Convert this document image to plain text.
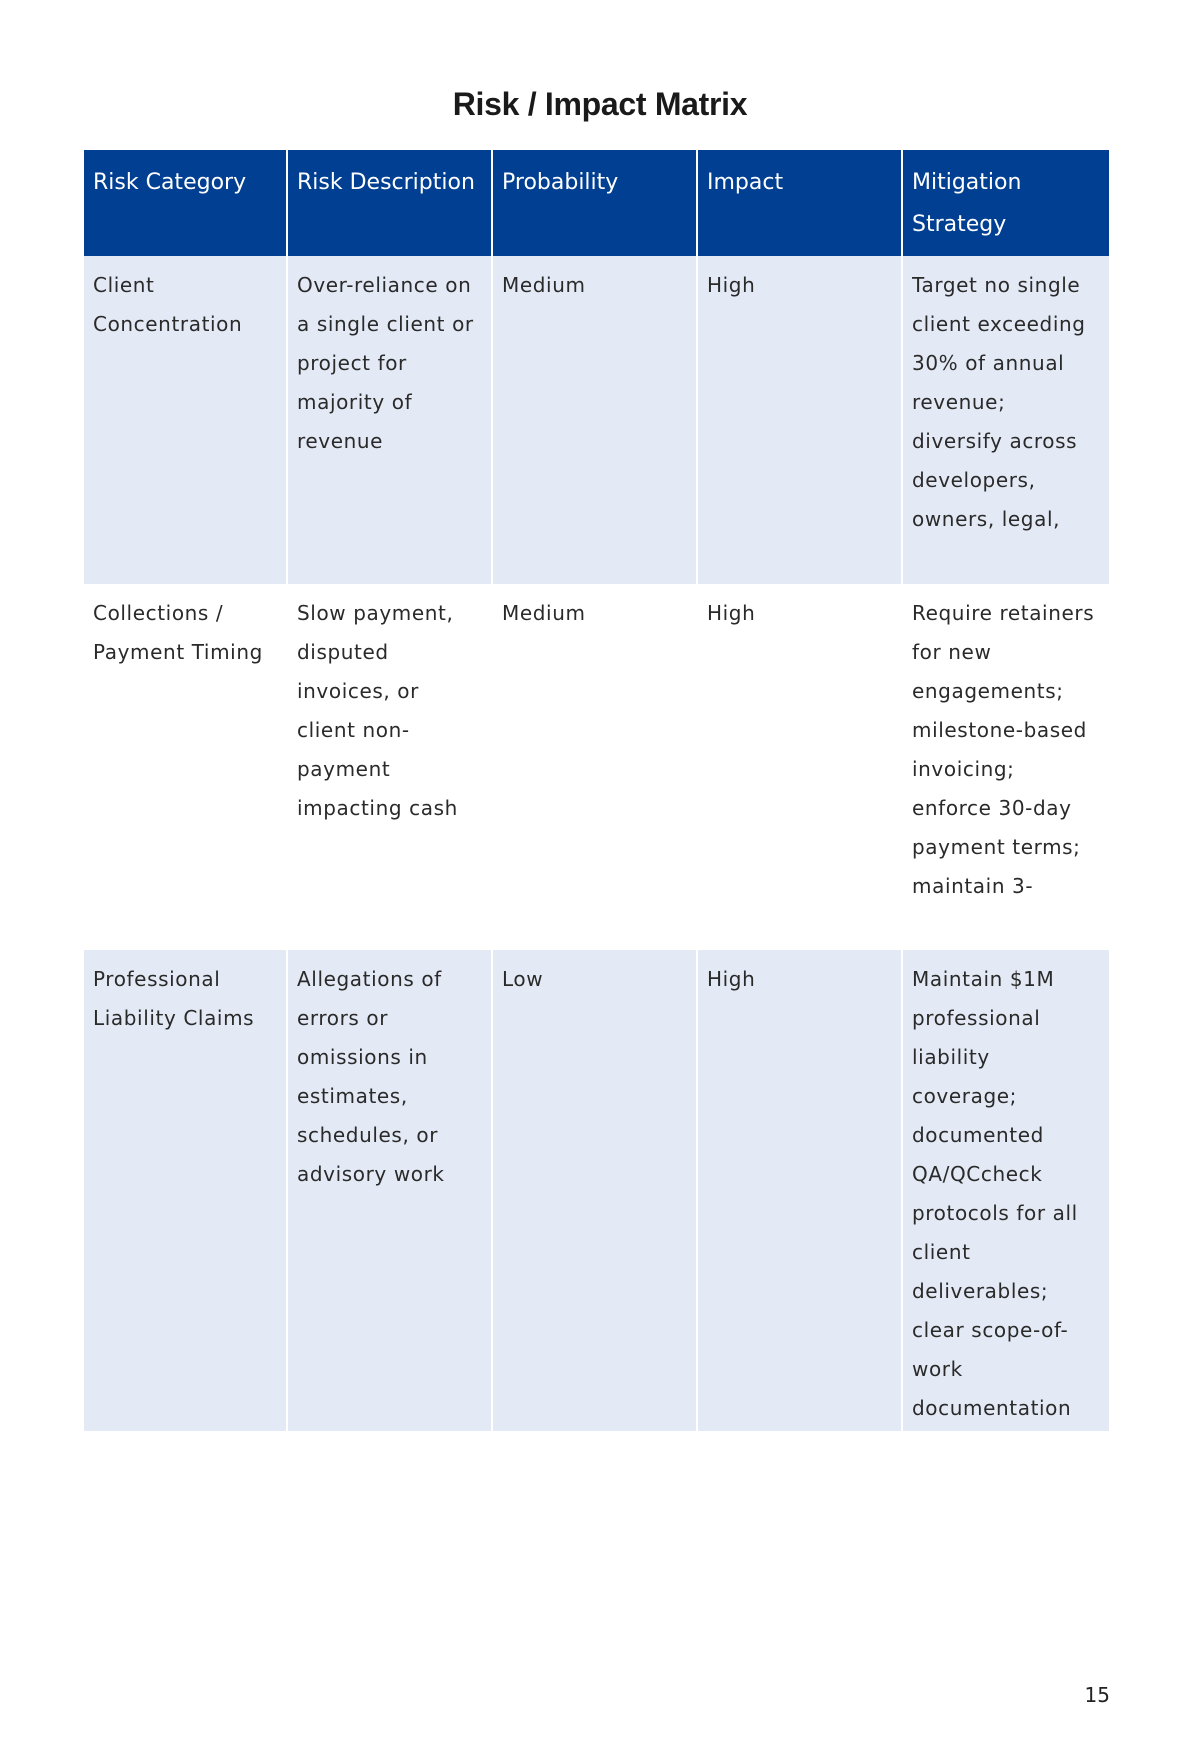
Risk / Impact Matrix
Risk Category	Risk Description	Probability	Impact	Mitigation Strategy

Client Concentration	Over-reliance on a single client or project for majority of revenue	Medium	High	Target no single client exceeding 30% of annual revenue; diversify across developers, owners, legal,

Collections / Payment Timing	Slow payment, disputed invoices, or client non-payment impacting cash	Medium	High	Require retainers for new engagements; milestone-based invoicing; enforce 30-day payment terms; maintain 3-

Professional Liability Claims	Allegations of errors or omissions in estimates, schedules, or advisory work	Low	High	Maintain $1M professional liability coverage; documented QA/QCcheck protocols for all client deliverables; clear scope-of-work documentation
15
